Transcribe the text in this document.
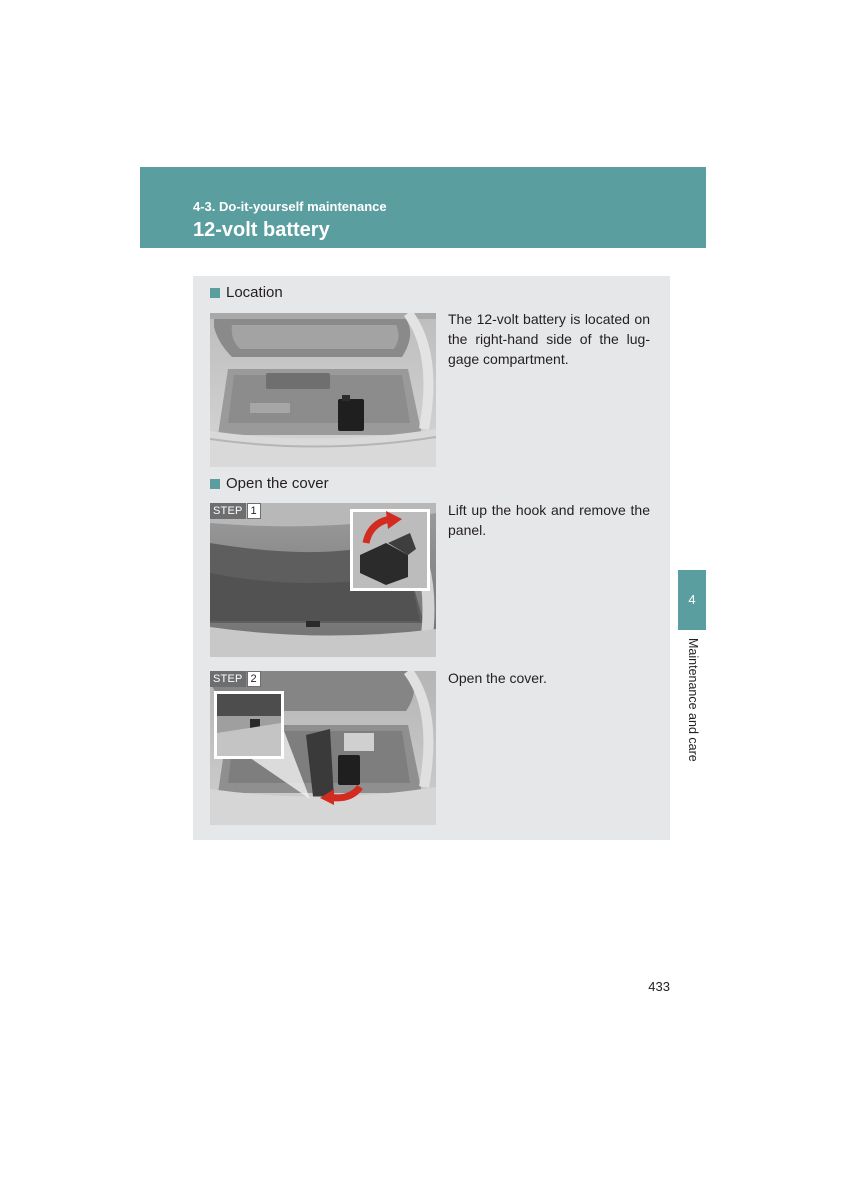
4-3. Do-it-yourself maintenance
12-volt battery
Location
The 12-volt battery is located on
the right-hand side of the lug-
gage compartment.
Open the cover
STEP 1	Lift up the hook and remove the
panel.
STEP 2	Open the cover.
4
Maintenance and care
433
